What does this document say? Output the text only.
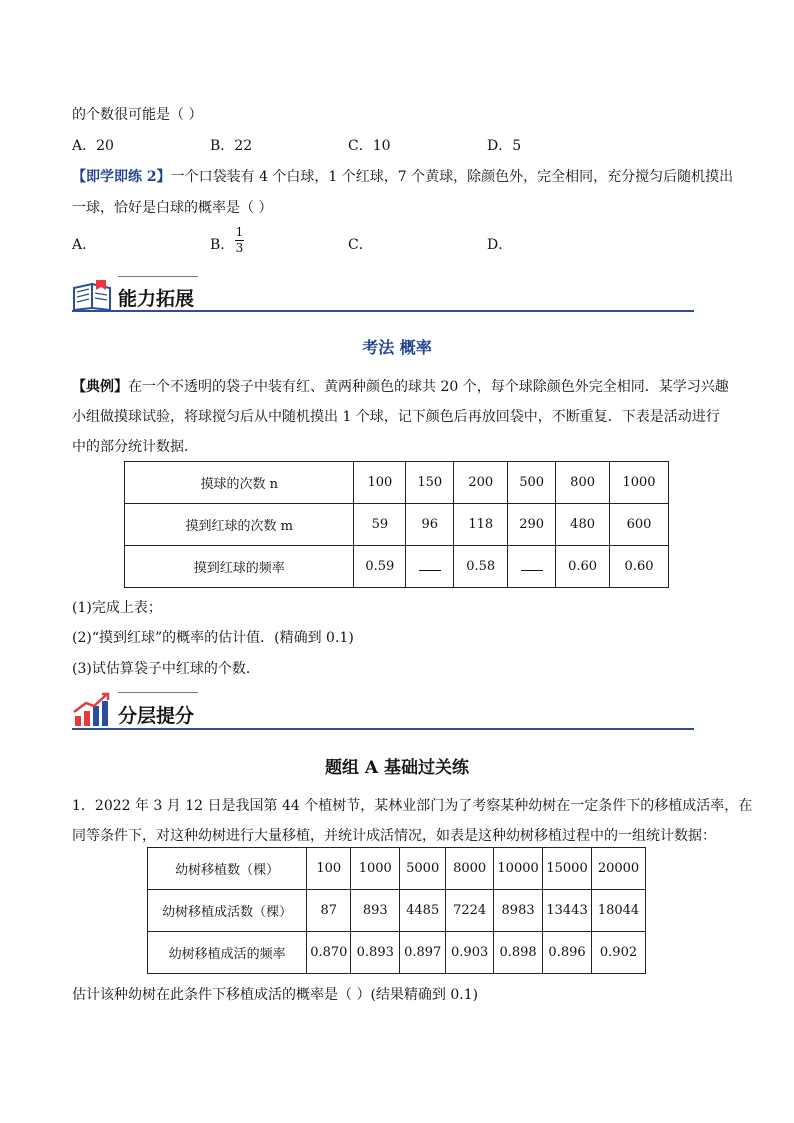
的个数很可能是（ ）
A．20	B．22	C．10	D．5
【即学即练 2】一个口袋装有 4 个白球，1 个红球，7 个黄球，除颜色外，完全相同，充分搅匀后随机摸出
一球，恰好是白球的概率是（ ）
A．	B．
1
3	C．	D．
能力拓展
考法 概率
【典例】在一个不透明的袋子中装有红、黄两种颜色的球共 20 个，每个球除颜色外完全相同．某学习兴趣
小组做摸球试验，将球搅匀后从中随机摸出 1 个球，记下颜色后再放回袋中，不断重复．下表是活动进行
中的部分统计数据．
摸球的次数 n	100	150	200	500	800	1000
摸到红球的次数 m	59	96	118	290	480	600
摸到红球的频率	0.59		0.58		0.60	0.60
(1)完成上表；
(2)“摸到红球”的概率的估计值．(精确到 0.1)
(3)试估算袋子中红球的个数．
分层提分
题组 A 基础过关练
1．2022 年 3 月 12 日是我国第 44 个植树节，某林业部门为了考察某种幼树在一定条件下的移植成活率，在
同等条件下，对这种幼树进行大量移植，并统计成活情况，如表是这种幼树移植过程中的一组统计数据：
幼树移植数（棵）	100	1000	5000	8000	10000	15000	20000
幼树移植成活数（棵）	87	893	4485	7224	8983	13443	18044
幼树移植成活的频率	0.870	0.893	0.897	0.903	0.898	0.896	0.902
估计该种幼树在此条件下移植成活的概率是（ ）(结果精确到 0.1)
